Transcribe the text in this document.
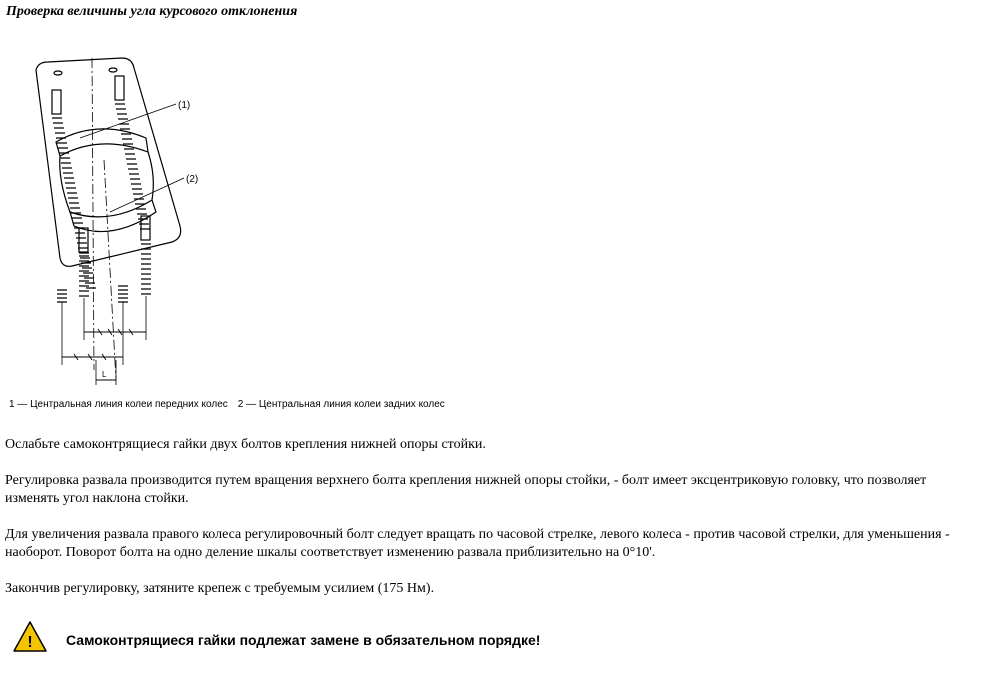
Проверка величины угла курсового отклонения
(1)
(2)
L
1 — Центральная линия колеи передних колес 2 — Центральная линия колеи задних колес

Ослабьте самоконтрящиеся гайки двух болтов крепления нижней опоры стойки.

Регулировка развала производится путем вращения верхнего болта крепления нижней опоры стойки, - болт имеет эксцентриковую головку, что позволяет изменять угол наклона стойки.

Для увеличения развала правого колеса регулировочный болт следует вращать по часовой стрелке, левого колеса - против часовой стрелки, для уменьшения - наоборот. Поворот болта на одно деление шкалы соответствует изменению развала приблизительно на 0°10'.

Закончив регулировку, затяните крепеж с требуемым усилием (175 Нм).

! Самоконтрящиеся гайки подлежат замене в обязательном порядке!
